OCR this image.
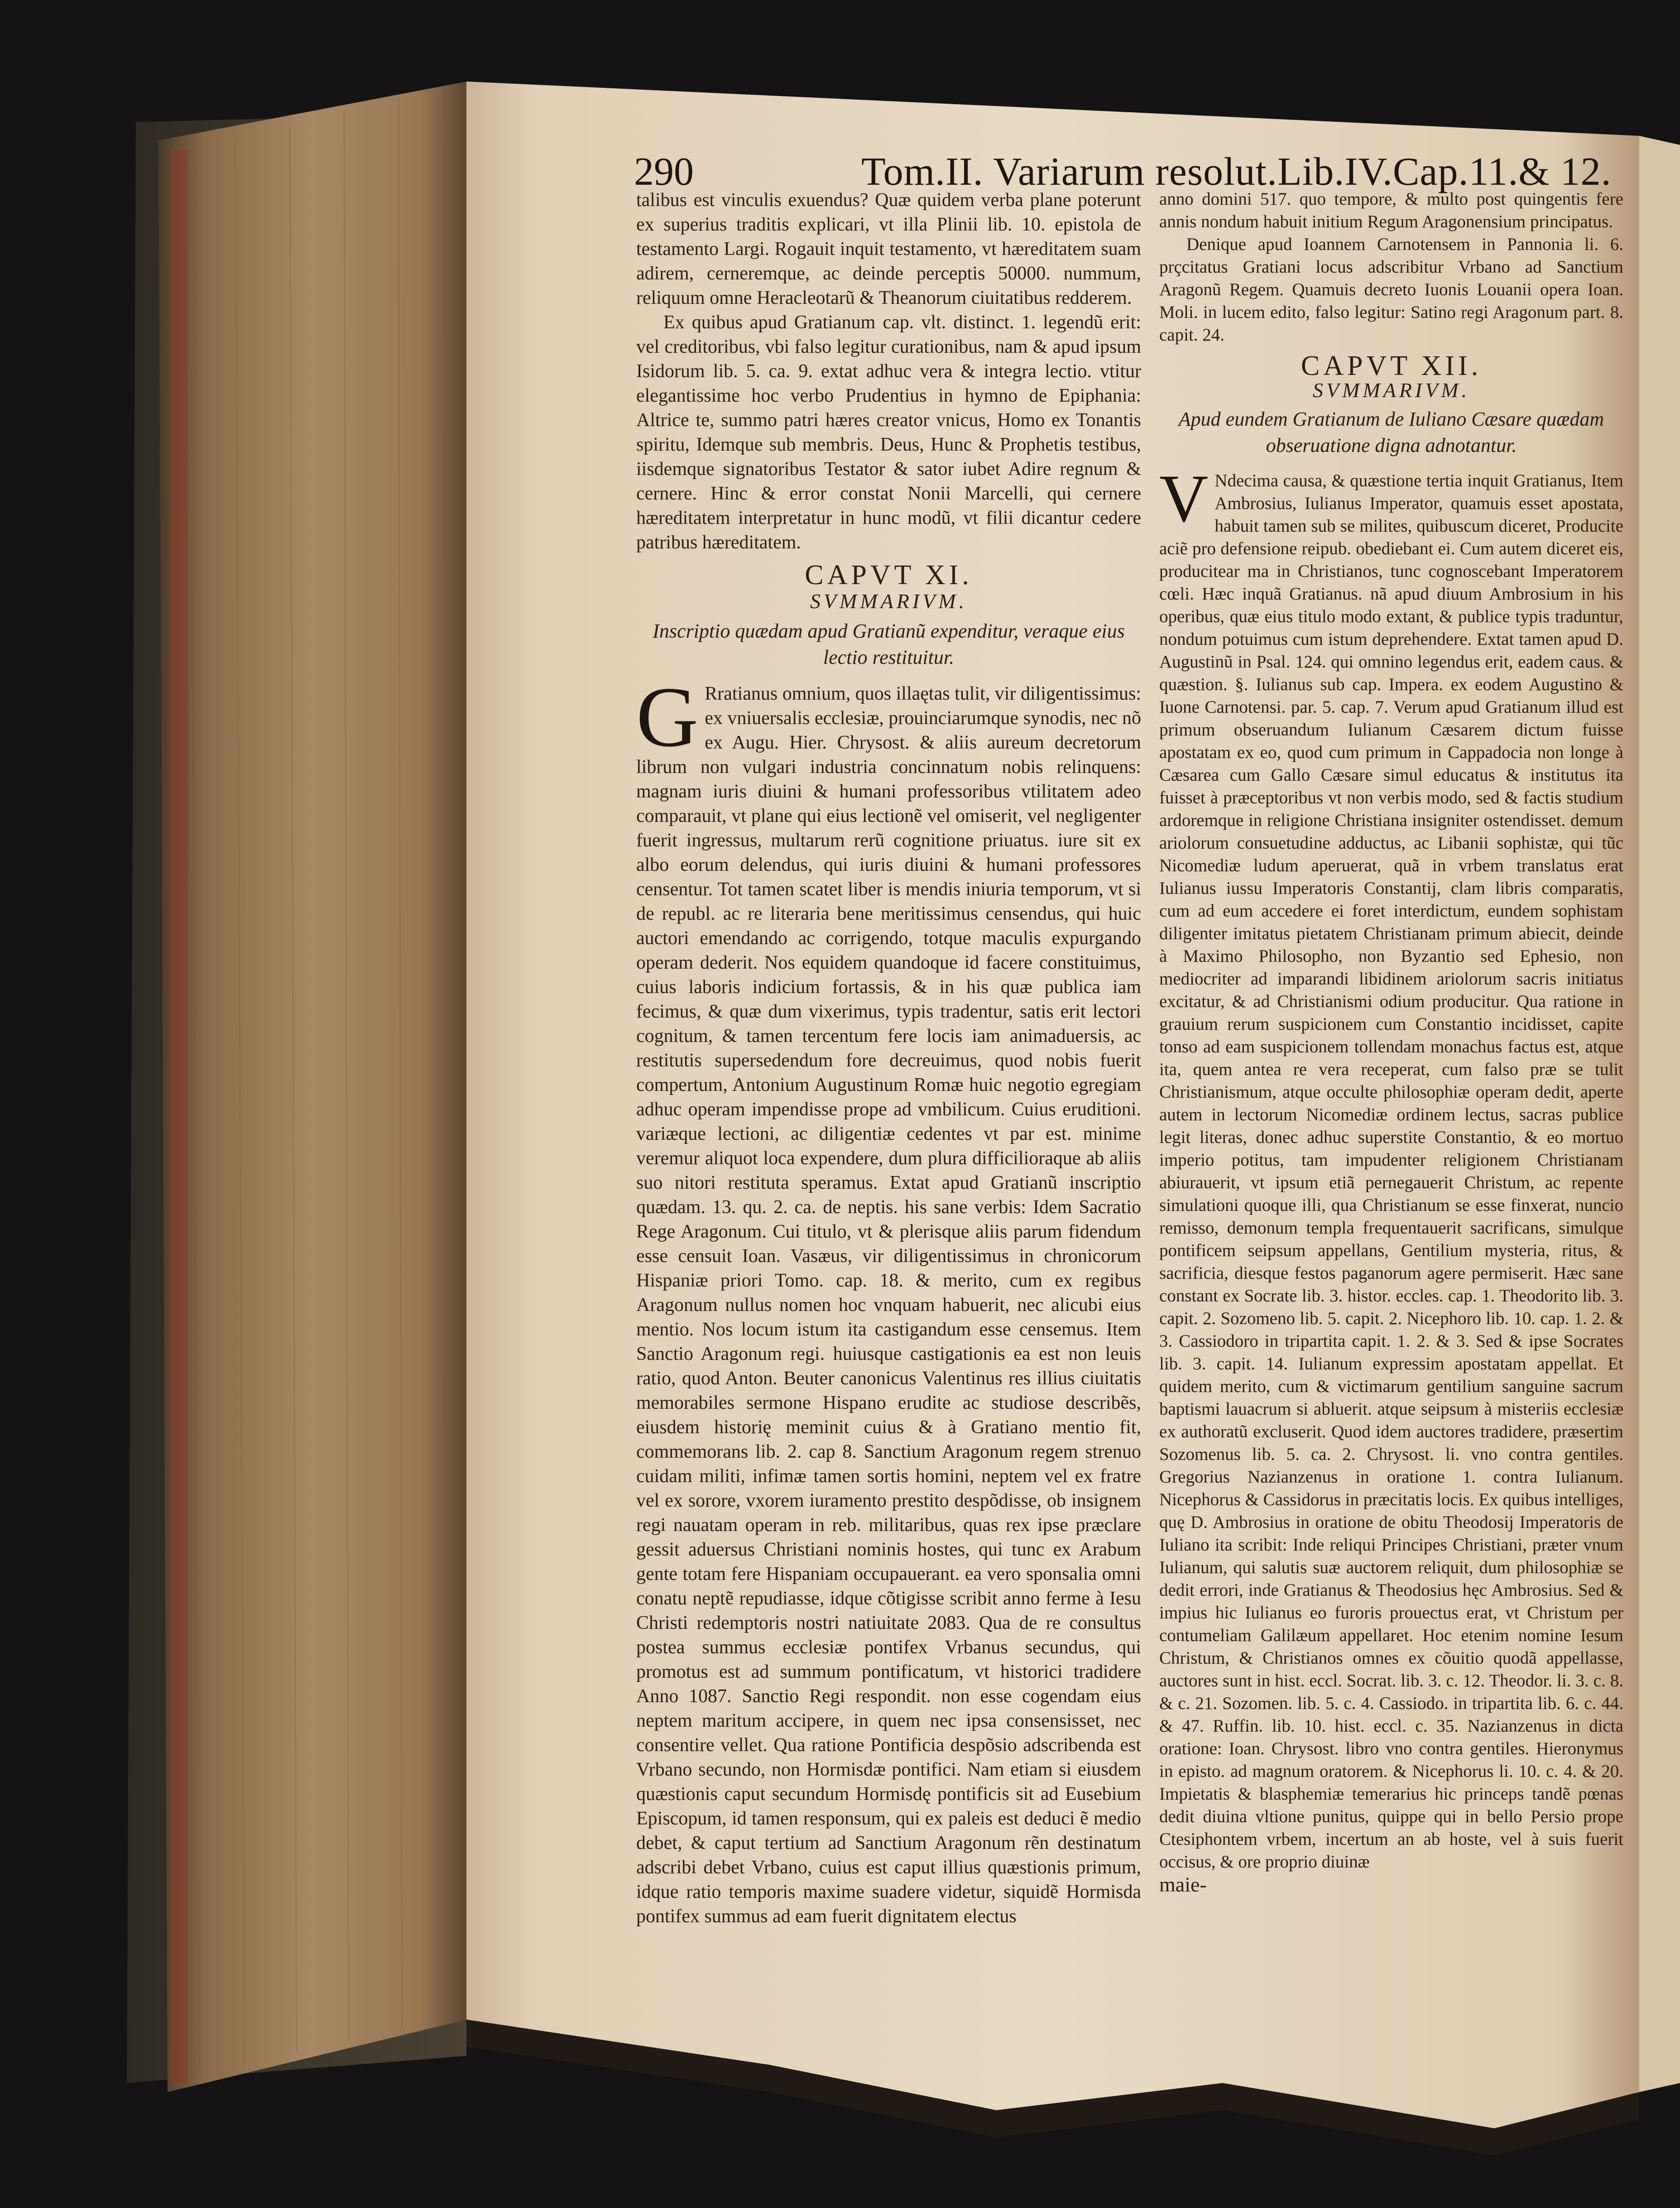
290	Tom.II. Variarum resolut.Lib.IV.Cap.11.& 12.

talibus est vinculis exuendus? Quæ quidem verba plane poterunt ex superius traditis explicari, vt illa Plinii lib. 10. epistola de testamento Largi. Rogauit inquit testamento, vt hæreditatem suam adirem, cerneremque, ac deinde perceptis 50000. nummum, reliquum omne Heracleotarũ & Theanorum ciuitatibus redderem.

Ex quibus apud Gratianum cap. vlt. distinct. 1. legendũ erit: vel creditoribus, vbi falso legitur curationibus, nam & apud ipsum Isidorum lib. 5. ca. 9. extat adhuc vera & integra lectio. vtitur elegantissime hoc verbo Prudentius in hymno de Epiphania: Altrice te, summo patri hæres creator vnicus, Homo ex Tonantis spiritu, Idemque sub membris. Deus, Hunc & Prophetis testibus, iisdemque signatoribus Testator & sator iubet Adire regnum & cernere. Hinc & error constat Nonii Marcelli, qui cernere hæreditatem interpretatur in hunc modũ, vt filii dicantur cedere patribus hæreditatem.

CAPVT XI.
SVMMARIVM.
Inscriptio quædam apud Gratianũ expenditur, veraque eius lectio restituitur.

G Rratianus omnium, quos illaętas tulit, vir diligentissimus: ex vniuersalis ecclesiæ, prouinciarumque synodis, nec nõ ex Augu. Hier. Chrysost. & aliis aureum decretorum librum non vulgari industria concinnatum nobis relinquens: magnam iuris diuini & humani professoribus vtilitatem adeo comparauit, vt plane qui eius lectionẽ vel omiserit, vel negligenter fuerit ingressus, multarum rerũ cognitione priuatus. iure sit ex albo eorum delendus, qui iuris diuini & humani professores censentur. Tot tamen scatet liber is mendis iniuria temporum, vt si de republ. ac re literaria bene meritissimus censendus, qui huic auctori emendando ac corrigendo, totque maculis expurgando operam dederit. Nos equidem quandoque id facere constituimus, cuius laboris indicium fortassis, & in his quæ publica iam fecimus, & quæ dum vixerimus, typis tradentur, satis erit lectori cognitum, & tamen tercentum fere locis iam animaduersis, ac restitutis supersedendum fore decreuimus, quod nobis fuerit compertum, Antonium Augustinum Romæ huic negotio egregiam adhuc operam impendisse prope ad vmbilicum. Cuius eruditioni. variæque lectioni, ac diligentiæ cedentes vt par est. minime veremur aliquot loca expendere, dum plura difficilioraque ab aliis suo nitori restituta speramus. Extat apud Gratianũ inscriptio quædam. 13. qu. 2. ca. de neptis. his sane verbis: Idem Sacratio Rege Aragonum. Cui titulo, vt & plerisque aliis parum fidendum esse censuit Ioan. Vasæus, vir diligentissimus in chronicorum Hispaniæ priori Tomo. cap. 18. & merito, cum ex regibus Aragonum nullus nomen hoc vnquam habuerit, nec alicubi eius mentio. Nos locum istum ita castigandum esse censemus. Item Sanctio Aragonum regi. huiusque castigationis ea est non leuis ratio, quod Anton. Beuter canonicus Valentinus res illius ciuitatis memorabiles sermone Hispano erudite ac studiose describẽs, eiusdem historię meminit cuius & à Gratiano mentio fit, commemorans lib. 2. cap 8. Sanctium Aragonum regem strenuo cuidam militi, infimæ tamen sortis homini, neptem vel ex fratre vel ex sorore, vxorem iuramento prestito despõdisse, ob insignem regi nauatam operam in reb. militaribus, quas rex ipse præclare gessit aduersus Christiani nominis hostes, qui tunc ex Arabum gente totam fere Hispaniam occupauerant. ea vero sponsalia omni conatu neptẽ repudiasse, idque cõtigisse scribit anno ferme à Iesu Christi redemptoris nostri natiuitate 2083. Qua de re consultus postea summus ecclesiæ pontifex Vrbanus secundus, qui promotus est ad summum pontificatum, vt historici tradidere Anno 1087. Sanctio Regi respondit. non esse cogendam eius neptem maritum accipere, in quem nec ipsa consensisset, nec consentire vellet. Qua ratione Pontificia despõsio adscribenda est Vrbano secundo, non Hormisdæ pontifici. Nam etiam si eiusdem quæstionis caput secundum Hormisdę pontificis sit ad Eusebium Episcopum, id tamen responsum, qui ex paleis est deduci ẽ medio debet, & caput tertium ad Sanctium Aragonum rẽn destinatum adscribi debet Vrbano, cuius est caput illius quæstionis primum, idque ratio temporis maxime suadere videtur, siquidẽ Hormisda pontifex summus ad eam fuerit dignitatem electus

anno domini 517. quo tempore, & multo post quingentis fere annis nondum habuit initium Regum Aragonensium principatus.

Denique apud Ioannem Carnotensem in Pannonia li. 6. prçcitatus Gratiani locus adscribitur Vrbano ad Sanctium Aragonũ Regem. Quamuis decreto Iuonis Louanii opera Ioan. Moli. in lucem edito, falso legitur: Satino regi Aragonum part. 8. capit. 24.

CAPVT XII.
SVMMARIVM.
Apud eundem Gratianum de Iuliano Cæsare quædam obseruatione digna adnotantur.

V Ndecima causa, & quæstione tertia inquit Gratianus, Item Ambrosius, Iulianus Imperator, quamuis esset apostata, habuit tamen sub se milites, quibuscum diceret, Producite aciẽ pro defensione reipub. obediebant ei. Cum autem diceret eis, producitear ma in Christianos, tunc cognoscebant Imperatorem cœli. Hæc inquã Gratianus. nã apud diuum Ambrosium in his operibus, quæ eius titulo modo extant, & publice typis traduntur, nondum potuimus cum istum deprehendere. Extat tamen apud D. Augustinũ in Psal. 124. qui omnino legendus erit, eadem caus. & quæstion. §. Iulianus sub cap. Impera. ex eodem Augustino & Iuone Carnotensi. par. 5. cap. 7. Verum apud Gratianum illud est primum obseruandum Iulianum Cæsarem dictum fuisse apostatam ex eo, quod cum primum in Cappadocia non longe à Cæsarea cum Gallo Cæsare simul educatus & institutus ita fuisset à præceptoribus vt non verbis modo, sed & factis studium ardoremque in religione Christiana insigniter ostendisset. demum ariolorum consuetudine adductus, ac Libanii sophistæ, qui tũc Nicomediæ ludum aperuerat, quã in vrbem translatus erat Iulianus iussu Imperatoris Constantij, clam libris comparatis, cum ad eum accedere ei foret interdictum, eundem sophistam diligenter imitatus pietatem Christianam primum abiecit, deinde à Maximo Philosopho, non Byzantio sed Ephesio, non mediocriter ad imparandi libidinem ariolorum sacris initiatus excitatur, & ad Christianismi odium producitur. Qua ratione in grauium rerum suspicionem cum Constantio incidisset, capite tonso ad eam suspicionem tollendam monachus factus est, atque ita, quem antea re vera receperat, cum falso præ se tulit Christianismum, atque occulte philosophiæ operam dedit, aperte autem in lectorum Nicomediæ ordinem lectus, sacras publice legit literas, donec adhuc superstite Constantio, & eo mortuo imperio potitus, tam impudenter religionem Christianam abiurauerit, vt ipsum etiã pernegauerit Christum, ac repente simulationi quoque illi, qua Christianum se esse finxerat, nuncio remisso, demonum templa frequentauerit sacrificans, simulque pontificem seipsum appellans, Gentilium mysteria, ritus, & sacrificia, diesque festos paganorum agere permiserit. Hæc sane constant ex Socrate lib. 3. histor. eccles. cap. 1. Theodorito lib. 3. capit. 2. Sozomeno lib. 5. capit. 2. Nicephoro lib. 10. cap. 1. 2. & 3. Cassiodoro in tripartita capit. 1. 2. & 3. Sed & ipse Socrates lib. 3. capit. 14. Iulianum expressim apostatam appellat. Et quidem merito, cum & victimarum gentilium sanguine sacrum baptismi lauacrum si abluerit. atque seipsum à misteriis ecclesiæ ex authoratũ excluserit. Quod idem auctores tradidere, præsertim Sozomenus lib. 5. ca. 2. Chrysost. li. vno contra gentiles. Gregorius Nazianzenus in oratione 1. contra Iulianum. Nicephorus & Cassidorus in præcitatis locis. Ex quibus intelliges, quę D. Ambrosius in oratione de obitu Theodosij Imperatoris de Iuliano ita scribit: Inde reliqui Principes Christiani, præter vnum Iulianum, qui salutis suæ auctorem reliquit, dum philosophiæ se dedit errori, inde Gratianus & Theodosius hęc Ambrosius. Sed & impius hic Iulianus eo furoris prouectus erat, vt Christum per contumeliam Galilæum appellaret. Hoc etenim nomine Iesum Christum, & Christianos omnes ex cõuitio quodã appellasse, auctores sunt in hist. eccl. Socrat. lib. 3. c. 12. Theodor. li. 3. c. 8. & c. 21. Sozomen. lib. 5. c. 4. Cassiodo. in tripartita lib. 6. c. 44. & 47. Ruffin. lib. 10. hist. eccl. c. 35. Nazianzenus in dicta oratione: Ioan. Chrysost. libro vno contra gentiles. Hieronymus in episto. ad magnum oratorem. & Nicephorus li. 10. c. 4. & 20. Impietatis & blasphemiæ temerarius hic princeps tandẽ pœnas dedit diuina vltione punitus, quippe qui in bello Persio prope Ctesiphontem vrbem, incertum an ab hoste, vel à suis fuerit occisus, & ore proprio diuinæ

maie-
